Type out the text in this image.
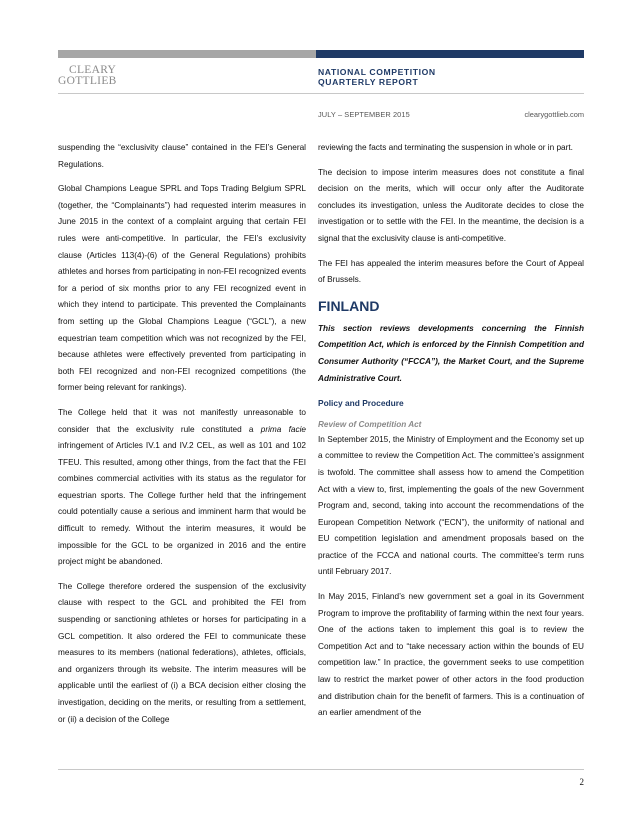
CLEARY
GOTTLIEB
NATIONAL COMPETITION
QUARTERLY REPORT
JULY – SEPTEMBER 2015	clearygottlieb.com

suspending the “exclusivity clause” contained in the FEI’s General Regulations.

Global Champions League SPRL and Tops Trading Belgium SPRL (together, the “Complainants”) had requested interim measures in June 2015 in the context of a complaint arguing that certain FEI rules were anti-competitive. In particular, the FEI’s exclusivity clause (Articles 113(4)-(6) of the General Regulations) prohibits athletes and horses from participating in non-FEI recognized events for a period of six months prior to any FEI recognized event in which they intend to participate. This prevented the Complainants from setting up the Global Champions League (“GCL”), a new equestrian team competition which was not recognized by the FEI, because athletes were effectively prevented from participating in both FEI recognized and non-FEI recognized competitions (the former being relevant for rankings).

The College held that it was not manifestly unreasonable to consider that the exclusivity rule constituted a prima facie infringement of Articles IV.1 and IV.2 CEL, as well as 101 and 102 TFEU. This resulted, among other things, from the fact that the FEI combines commercial activities with its status as the regulator for equestrian sports. The College further held that the infringement could potentially cause a serious and imminent harm that would be difficult to remedy. Without the interim measures, it would be impossible for the GCL to be organized in 2016 and the entire project might be abandoned.

The College therefore ordered the suspension of the exclusivity clause with respect to the GCL and prohibited the FEI from suspending or sanctioning athletes or horses for participating in a GCL competition. It also ordered the FEI to communicate these measures to its members (national federations), athletes, officials, and organizers through its website. The interim measures will be applicable until the earliest of (i) a BCA decision either closing the investigation, deciding on the merits, or resulting from a settlement, or (ii) a decision of the College

reviewing the facts and terminating the suspension in whole or in part.

The decision to impose interim measures does not constitute a final decision on the merits, which will occur only after the Auditorate concludes its investigation, unless the Auditorate decides to close the investigation or to settle with the FEI. In the meantime, the decision is a signal that the exclusivity clause is anti-competitive.

The FEI has appealed the interim measures before the Court of Appeal of Brussels.

FINLAND

This section reviews developments concerning the Finnish Competition Act, which is enforced by the Finnish Competition and Consumer Authority (“FCCA”), the Market Court, and the Supreme Administrative Court.

Policy and Procedure
Review of Competition Act

In September 2015, the Ministry of Employment and the Economy set up a committee to review the Competition Act. The committee’s assignment is twofold. The committee shall assess how to amend the Competition Act with a view to, first, implementing the goals of the new Government Program and, second, taking into account the recommendations of the European Competition Network (“ECN”), the uniformity of national and EU competition legislation and amendment proposals based on the practice of the FCCA and national courts. The committee’s term runs until February 2017.

In May 2015, Finland’s new government set a goal in its Government Program to improve the profitability of farming within the next four years. One of the actions taken to implement this goal is to review the Competition Act and to “take necessary action within the bounds of EU competition law.” In practice, the government seeks to use competition law to restrict the market power of other actors in the food production and distribution chain for the benefit of farmers. This is a continuation of an earlier amendment of the

2
